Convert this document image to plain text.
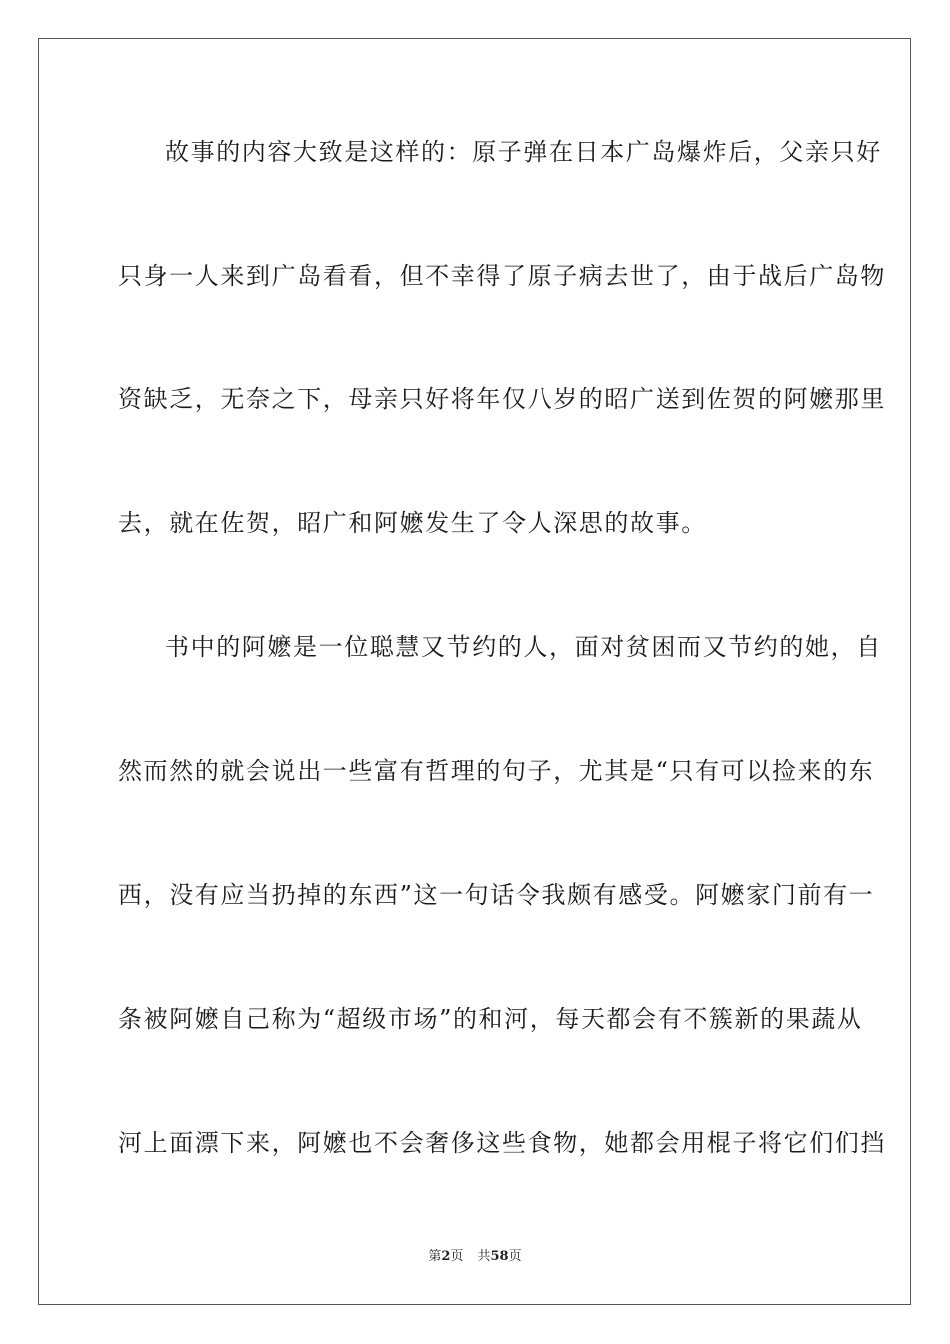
故事的内容大致是这样的：原子弹在日本广岛爆炸后，父亲只好
只身一人来到广岛看看，但不幸得了原子病去世了，由于战后广岛物
资缺乏，无奈之下，母亲只好将年仅八岁的昭广送到佐贺的阿嬷那里
去，就在佐贺，昭广和阿嬷发生了令人深思的故事。
书中的阿嬷是一位聪慧又节约的人，面对贫困而又节约的她，自
然而然的就会说出一些富有哲理的句子，尤其是“只有可以捡来的东
西，没有应当扔掉的东西”这一句话令我颇有感受。阿嬷家门前有一
条被阿嬷自己称为“超级市场”的和河，每天都会有不簇新的果蔬从
河上面漂下来，阿嬷也不会奢侈这些食物，她都会用棍子将它们们挡
第2页 共58页
